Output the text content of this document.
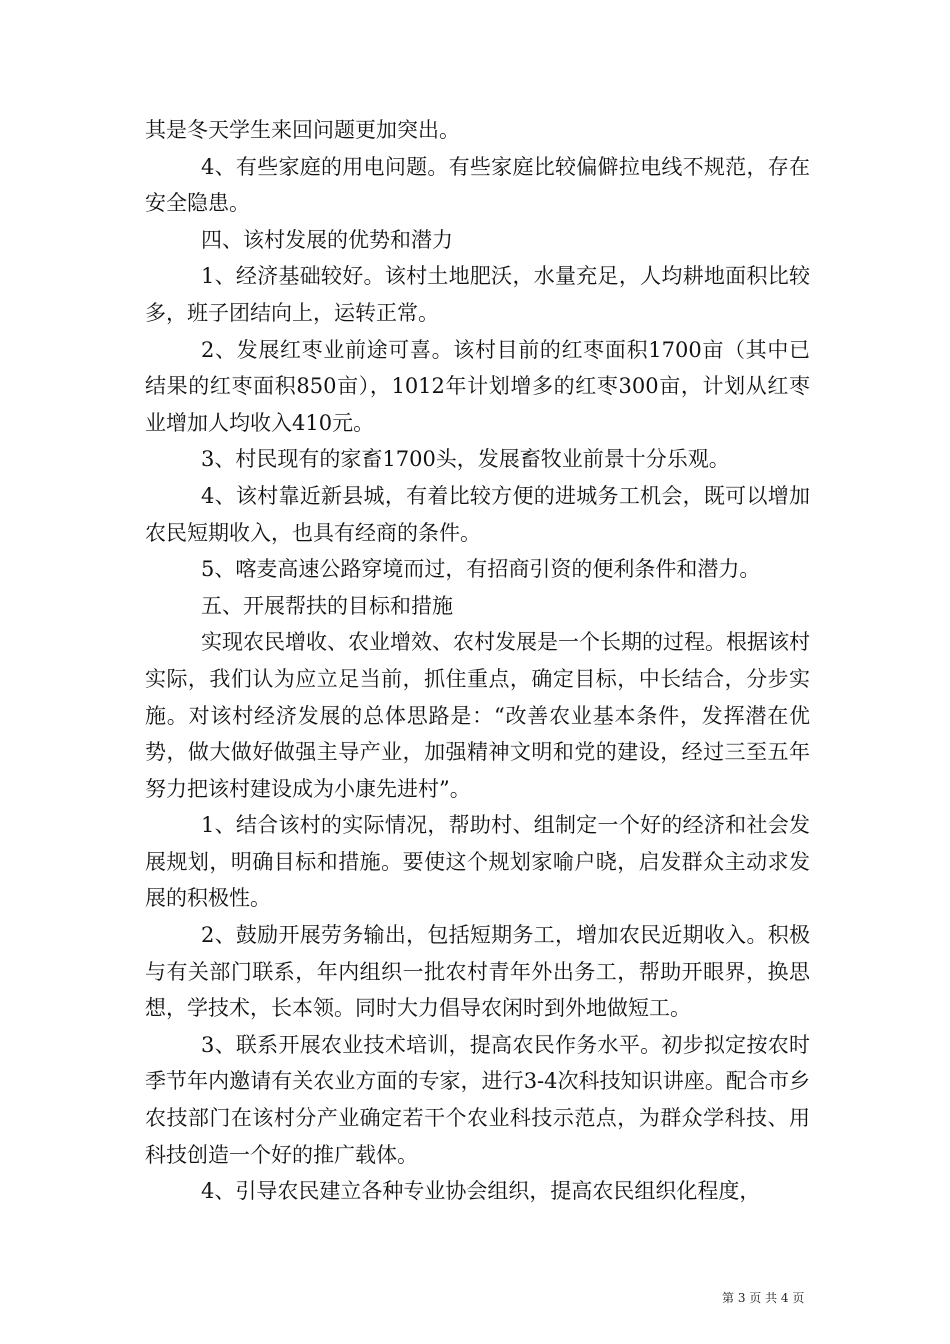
其是冬天学生来回问题更加突出。

4、有些家庭的用电问题。有些家庭比较偏僻拉电线不规范，存在安全隐患。

四、该村发展的优势和潜力

1、经济基础较好。该村土地肥沃，水量充足，人均耕地面积比较多，班子团结向上，运转正常。

2、发展红枣业前途可喜。该村目前的红枣面积1700亩（其中已结果的红枣面积850亩），1012年计划增多的红枣300亩，计划从红枣业增加人均收入410元。

3、村民现有的家畜1700头，发展畜牧业前景十分乐观。

4、该村靠近新县城，有着比较方便的进城务工机会，既可以增加农民短期收入，也具有经商的条件。

5、喀麦高速公路穿境而过，有招商引资的便利条件和潜力。

五、开展帮扶的目标和措施

实现农民增收、农业增效、农村发展是一个长期的过程。根据该村实际，我们认为应立足当前，抓住重点，确定目标，中长结合，分步实施。对该村经济发展的总体思路是：“改善农业基本条件，发挥潜在优势，做大做好做强主导产业，加强精神文明和党的建设，经过三至五年努力把该村建设成为小康先进村”。

1、结合该村的实际情况，帮助村、组制定一个好的经济和社会发展规划，明确目标和措施。要使这个规划家喻户晓，启发群众主动求发展的积极性。

2、鼓励开展劳务输出，包括短期务工，增加农民近期收入。积极与有关部门联系，年内组织一批农村青年外出务工，帮助开眼界，换思想，学技术，长本领。同时大力倡导农闲时到外地做短工。

3、联系开展农业技术培训，提高农民作务水平。初步拟定按农时季节年内邀请有关农业方面的专家，进行3-4次科技知识讲座。配合市乡农技部门在该村分产业确定若干个农业科技示范点，为群众学科技、用科技创造一个好的推广载体。

4、引导农民建立各种专业协会组织，提高农民组织化程度，

第 3 页 共 4 页
